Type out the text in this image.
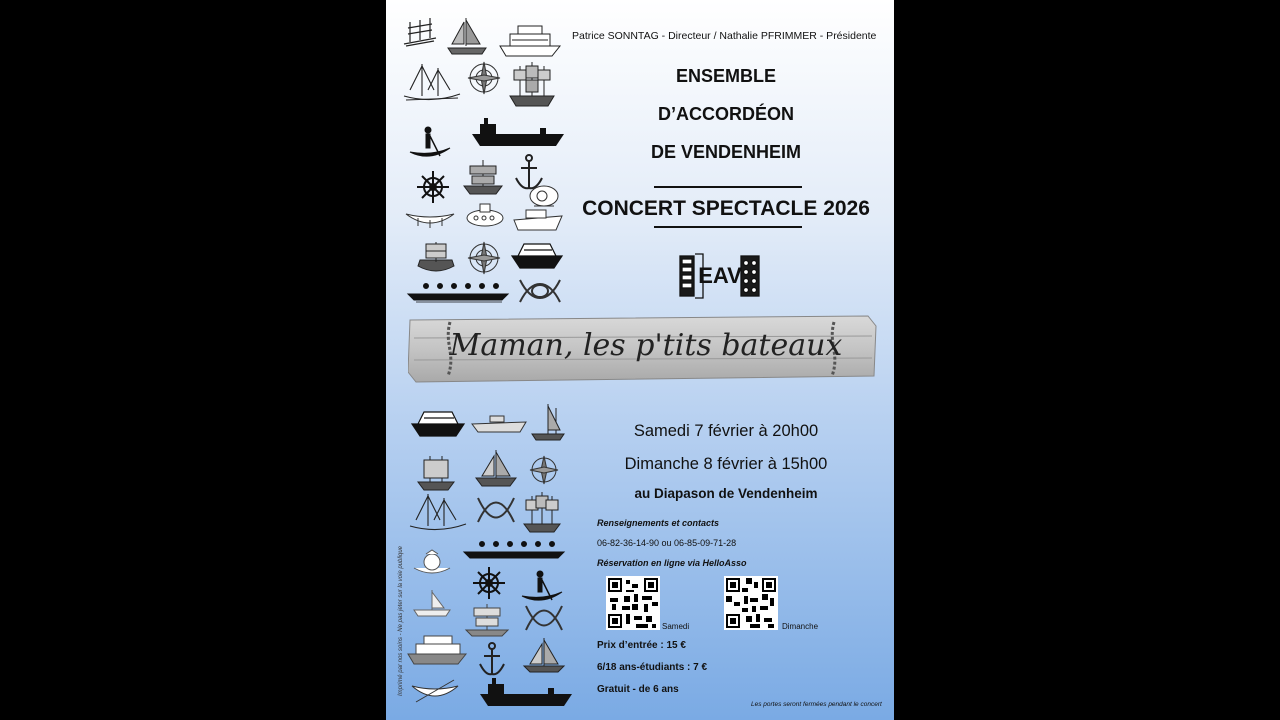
Patrice SONNTAG - Directeur / Nathalie PFRIMMER - Présidente
ENSEMBLE
D’ACCORDÉON
DE VENDENHEIM
CONCERT SPECTACLE 2026
EAV
Maman, les p'tits bateaux
Samedi 7 février à 20h00
Dimanche 8 février à 15h00
au Diapason de Vendenheim
Renseignements et contacts
06-82-36-14-90 ou 06-85-09-71-28
Réservation en ligne via HelloAsso
Samedi	Dimanche
Prix d’entrée : 15 €
6/18 ans-étudiants : 7 €
Gratuit - de 6 ans
Les portes seront fermées pendant le concert
Imprimé par nos soins - Ne pas jeter sur la voie publique
